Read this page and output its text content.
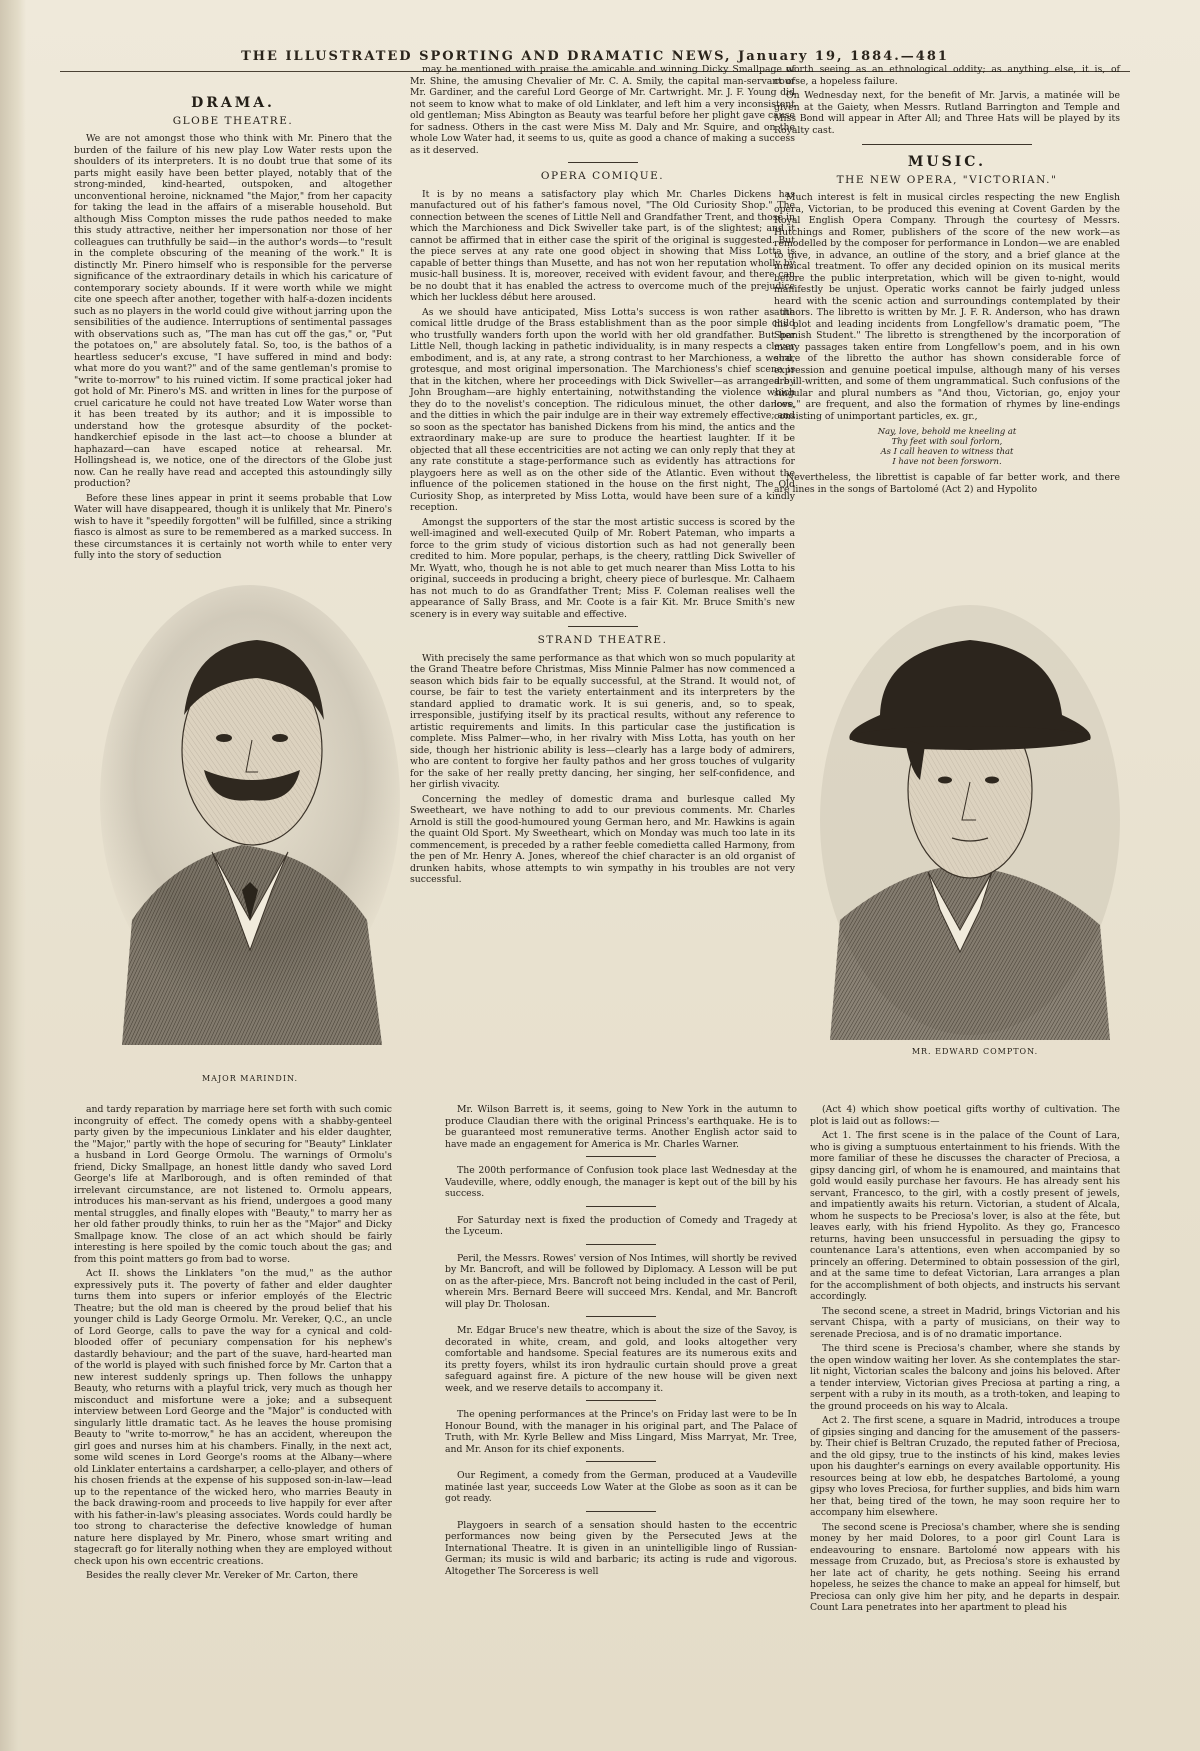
THE ILLUSTRATED SPORTING AND DRAMATIC NEWS, January 19, 1884.—481
DRAMA.
GLOBE THEATRE.

We are not amongst those who think with Mr. Pinero that the burden of the failure of his new play Low Water rests upon the shoulders of its interpreters. It is no doubt true that some of its parts might easily have been better played, notably that of the strong-minded, kind-hearted, outspoken, and altogether unconventional heroine, nicknamed "the Major," from her capacity for taking the lead in the affairs of a miserable household. But although Miss Compton misses the rude pathos needed to make this study attractive, neither her impersonation nor those of her colleagues can truthfully be said—in the author's words—to "result in the complete obscuring of the meaning of the work." It is distinctly Mr. Pinero himself who is responsible for the perverse significance of the extraordinary details in which his caricature of contemporary society abounds. If it were worth while we might cite one speech after another, together with half-a-dozen incidents such as no players in the world could give without jarring upon the sensibilities of the audience. Interruptions of sentimental passages with observations such as, "The man has cut off the gas," or, "Put the potatoes on," are absolutely fatal. So, too, is the bathos of a heartless seducer's excuse, "I have suffered in mind and body: what more do you want?" and of the same gentleman's promise to "write to-morrow" to his ruined victim. If some practical joker had got hold of Mr. Pinero's MS. and written in lines for the purpose of cruel caricature he could not have treated Low Water worse than it has been treated by its author; and it is impossible to understand how the grotesque absurdity of the pocket-handkerchief episode in the last act—to choose a blunder at haphazard—can have escaped notice at rehearsal. Mr. Hollingshead is, we notice, one of the directors of the Globe just now. Can he really have read and accepted this astoundingly silly production?

Before these lines appear in print it seems probable that Low Water will have disappeared, though it is unlikely that Mr. Pinero's wish to have it "speedily forgotten" will be fulfilled, since a striking fiasco is almost as sure to be remembered as a marked success. In these circumstances it is certainly not worth while to enter very fully into the story of seduction

may be mentioned with praise the amicable and winning Dicky Smallpage of Mr. Shine, the amusing Chevalier of Mr. C. A. Smily, the capital man-servant of Mr. Gardiner, and the careful Lord George of Mr. Cartwright. Mr. J. F. Young did not seem to know what to make of old Linklater, and left him a very inconsistent old gentleman; Miss Abington as Beauty was tearful before her plight gave cause for sadness. Others in the cast were Miss M. Daly and Mr. Squire, and on the whole Low Water had, it seems to us, quite as good a chance of making a success as it deserved.

OPERA COMIQUE.

It is by no means a satisfactory play which Mr. Charles Dickens has manufactured out of his father's famous novel, "The Old Curiosity Shop." The connection between the scenes of Little Nell and Grandfather Trent, and those in which the Marchioness and Dick Swiveller take part, is of the slightest; and it cannot be affirmed that in either case the spirit of the original is suggested. But the piece serves at any rate one good object in showing that Miss Lotta is capable of better things than Musette, and has not won her reputation wholly by music-hall business. It is, moreover, received with evident favour, and there can be no doubt that it has enabled the actress to overcome much of the prejudice which her luckless début here aroused.

As we should have anticipated, Miss Lotta's success is won rather as the comical little drudge of the Brass establishment than as the poor simple child who trustfully wanders forth upon the world with her old grandfather. But her Little Nell, though lacking in pathetic individuality, is in many respects a clever embodiment, and is, at any rate, a strong contrast to her Marchioness, a weird, grotesque, and most original impersonation. The Marchioness's chief scene is that in the kitchen, where her proceedings with Dick Swiveller—as arranged by John Brougham—are highly entertaining, notwithstanding the violence which they do to the novelist's conception. The ridiculous minuet, the other dances, and the ditties in which the pair indulge are in their way extremely effective; and so soon as the spectator has banished Dickens from his mind, the antics and the extraordinary make-up are sure to produce the heartiest laughter. If it be objected that all these eccentricities are not acting we can only reply that they at any rate constitute a stage-performance such as evidently has attractions for playgoers here as well as on the other side of the Atlantic. Even without the influence of the policemen stationed in the house on the first night, The Old Curiosity Shop, as interpreted by Miss Lotta, would have been sure of a kindly reception.

Amongst the supporters of the star the most artistic success is scored by the well-imagined and well-executed Quilp of Mr. Robert Pateman, who imparts a force to the grim study of vicious distortion such as had not generally been credited to him. More popular, perhaps, is the cheery, rattling Dick Swiveller of Mr. Wyatt, who, though he is not able to get much nearer than Miss Lotta to his original, succeeds in producing a bright, cheery piece of burlesque. Mr. Calhaem has not much to do as Grandfather Trent; Miss F. Coleman realises well the appearance of Sally Brass, and Mr. Coote is a fair Kit. Mr. Bruce Smith's new scenery is in every way suitable and effective.

STRAND THEATRE.

With precisely the same performance as that which won so much popularity at the Grand Theatre before Christmas, Miss Minnie Palmer has now commenced a season which bids fair to be equally successful, at the Strand. It would not, of course, be fair to test the variety entertainment and its interpreters by the standard applied to dramatic work. It is sui generis, and, so to speak, irresponsible, justifying itself by its practical results, without any reference to artistic requirements and limits. In this particular case the justification is complete. Miss Palmer—who, in her rivalry with Miss Lotta, has youth on her side, though her histrionic ability is less—clearly has a large body of admirers, who are content to forgive her faulty pathos and her gross touches of vulgarity for the sake of her really pretty dancing, her singing, her self-confidence, and her girlish vivacity.

Concerning the medley of domestic drama and burlesque called My Sweetheart, we have nothing to add to our previous comments. Mr. Charles Arnold is still the good-humoured young German hero, and Mr. Hawkins is again the quaint Old Sport. My Sweetheart, which on Monday was much too late in its commencement, is preceded by a rather feeble comedietta called Harmony, from the pen of Mr. Henry A. Jones, whereof the chief character is an old organist of drunken habits, whose attempts to win sympathy in his troubles are not very successful.

worth seeing as an ethnological oddity; as anything else, it is, of course, a hopeless failure.

On Wednesday next, for the benefit of Mr. Jarvis, a matinée will be given at the Gaiety, when Messrs. Rutland Barrington and Temple and Miss Bond will appear in After All; and Three Hats will be played by its Royalty cast.

MUSIC.
THE NEW OPERA, "VICTORIAN."

Much interest is felt in musical circles respecting the new English opera, Victorian, to be produced this evening at Covent Garden by the Royal English Opera Company. Through the courtesy of Messrs. Hutchings and Romer, publishers of the score of the new work—as remodelled by the composer for performance in London—we are enabled to give, in advance, an outline of the story, and a brief glance at the musical treatment. To offer any decided opinion on its musical merits before the public interpretation, which will be given to-night, would manifestly be unjust. Operatic works cannot be fairly judged unless heard with the scenic action and surroundings contemplated by their authors. The libretto is written by Mr. J. F. R. Anderson, who has drawn his plot and leading incidents from Longfellow's dramatic poem, "The Spanish Student." The libretto is strengthened by the incorporation of many passages taken entire from Longfellow's poem, and in his own share of the libretto the author has shown considerable force of expression and genuine poetical impulse, although many of his verses are ill-written, and some of them ungrammatical. Such confusions of the singular and plural numbers as "And thou, Victorian, go, enjoy your love," are frequent, and also the formation of rhymes by line-endings consisting of unimportant particles, ex. gr.,

Nay, love, behold me kneeling at
Thy feet with soul forlorn,
As I call heaven to witness that
I have not been forsworn.

Nevertheless, the librettist is capable of far better work, and there are lines in the songs of Bartolomé (Act 2) and Hypolito

MAJOR MARINDIN.
MR. EDWARD COMPTON.

and tardy reparation by marriage here set forth with such comic incongruity of effect. The comedy opens with a shabby-genteel party given by the impecunious Linklater and his elder daughter, the "Major," partly with the hope of securing for "Beauty" Linklater a husband in Lord George Ormolu. The warnings of Ormolu's friend, Dicky Smallpage, an honest little dandy who saved Lord George's life at Marlborough, and is often reminded of that irrelevant circumstance, are not listened to. Ormolu appears, introduces his man-servant as his friend, undergoes a good many mental struggles, and finally elopes with "Beauty," to marry her as her old father proudly thinks, to ruin her as the "Major" and Dicky Smallpage know. The close of an act which should be fairly interesting is here spoiled by the comic touch about the gas; and from this point matters go from bad to worse.

Act II. shows the Linklaters "on the mud," as the author expressively puts it. The poverty of father and elder daughter turns them into supers or inferior employés of the Electric Theatre; but the old man is cheered by the proud belief that his younger child is Lady George Ormolu. Mr. Vereker, Q.C., an uncle of Lord George, calls to pave the way for a cynical and cold-blooded offer of pecuniary compensation for his nephew's dastardly behaviour; and the part of the suave, hard-hearted man of the world is played with such finished force by Mr. Carton that a new interest suddenly springs up. Then follows the unhappy Beauty, who returns with a playful trick, very much as though her misconduct and misfortune were a joke; and a subsequent interview between Lord George and the "Major" is conducted with singularly little dramatic tact. As he leaves the house promising Beauty to "write to-morrow," he has an accident, whereupon the girl goes and nurses him at his chambers. Finally, in the next act, some wild scenes in Lord George's rooms at the Albany—where old Linklater entertains a cardsharper, a cello-player, and others of his chosen friends at the expense of his supposed son-in-law—lead up to the repentance of the wicked hero, who marries Beauty in the back drawing-room and proceeds to live happily for ever after with his father-in-law's pleasing associates. Words could hardly be too strong to characterise the defective knowledge of human nature here displayed by Mr. Pinero, whose smart writing and stagecraft go for literally nothing when they are employed without check upon his own eccentric creations.

Besides the really clever Mr. Vereker of Mr. Carton, there

Mr. Wilson Barrett is, it seems, going to New York in the autumn to produce Claudian there with the original Princess's earthquake. He is to be guaranteed most remunerative terms. Another English actor said to have made an engagement for America is Mr. Charles Warner.

The 200th performance of Confusion took place last Wednesday at the Vaudeville, where, oddly enough, the manager is kept out of the bill by his success.

For Saturday next is fixed the production of Comedy and Tragedy at the Lyceum.

Peril, the Messrs. Rowes' version of Nos Intimes, will shortly be revived by Mr. Bancroft, and will be followed by Diplomacy. A Lesson will be put on as the after-piece, Mrs. Bancroft not being included in the cast of Peril, wherein Mrs. Bernard Beere will succeed Mrs. Kendal, and Mr. Bancroft will play Dr. Tholosan.

Mr. Edgar Bruce's new theatre, which is about the size of the Savoy, is decorated in white, cream, and gold, and looks altogether very comfortable and handsome. Special features are its numerous exits and its pretty foyers, whilst its iron hydraulic curtain should prove a great safeguard against fire. A picture of the new house will be given next week, and we reserve details to accompany it.

The opening performances at the Prince's on Friday last were to be In Honour Bound, with the manager in his original part, and The Palace of Truth, with Mr. Kyrle Bellew and Miss Lingard, Miss Marryat, Mr. Tree, and Mr. Anson for its chief exponents.

Our Regiment, a comedy from the German, produced at a Vaudeville matinée last year, succeeds Low Water at the Globe as soon as it can be got ready.

Playgoers in search of a sensation should hasten to the eccentric performances now being given by the Persecuted Jews at the International Theatre. It is given in an unintelligible lingo of Russian-German; its music is wild and barbaric; its acting is rude and vigorous. Altogether The Sorceress is well

(Act 4) which show poetical gifts worthy of cultivation. The plot is laid out as follows:—

Act 1. The first scene is in the palace of the Count of Lara, who is giving a sumptuous entertainment to his friends. With the more familiar of these he discusses the character of Preciosa, a gipsy dancing girl, of whom he is enamoured, and maintains that gold would easily purchase her favours. He has already sent his servant, Francesco, to the girl, with a costly present of jewels, and impatiently awaits his return. Victorian, a student of Alcala, whom he suspects to be Preciosa's lover, is also at the fête, but leaves early, with his friend Hypolito. As they go, Francesco returns, having been unsuccessful in persuading the gipsy to countenance Lara's attentions, even when accompanied by so princely an offering. Determined to obtain possession of the girl, and at the same time to defeat Victorian, Lara arranges a plan for the accomplishment of both objects, and instructs his servant accordingly.

The second scene, a street in Madrid, brings Victorian and his servant Chispa, with a party of musicians, on their way to serenade Preciosa, and is of no dramatic importance.

The third scene is Preciosa's chamber, where she stands by the open window waiting her lover. As she contemplates the star-lit night, Victorian scales the balcony and joins his beloved. After a tender interview, Victorian gives Preciosa at parting a ring, a serpent with a ruby in its mouth, as a troth-token, and leaping to the ground proceeds on his way to Alcala.

Act 2. The first scene, a square in Madrid, introduces a troupe of gipsies singing and dancing for the amusement of the passers-by. Their chief is Beltran Cruzado, the reputed father of Preciosa, and the old gipsy, true to the instincts of his kind, makes levies upon his daughter's earnings on every available opportunity. His resources being at low ebb, he despatches Bartolomé, a young gipsy who loves Preciosa, for further supplies, and bids him warn her that, being tired of the town, he may soon require her to accompany him elsewhere.

The second scene is Preciosa's chamber, where she is sending money by her maid Dolores, to a poor girl Count Lara is endeavouring to ensnare. Bartolomé now appears with his message from Cruzado, but, as Preciosa's store is exhausted by her late act of charity, he gets nothing. Seeing his errand hopeless, he seizes the chance to make an appeal for himself, but Preciosa can only give him her pity, and he departs in despair. Count Lara penetrates into her apartment to plead his
